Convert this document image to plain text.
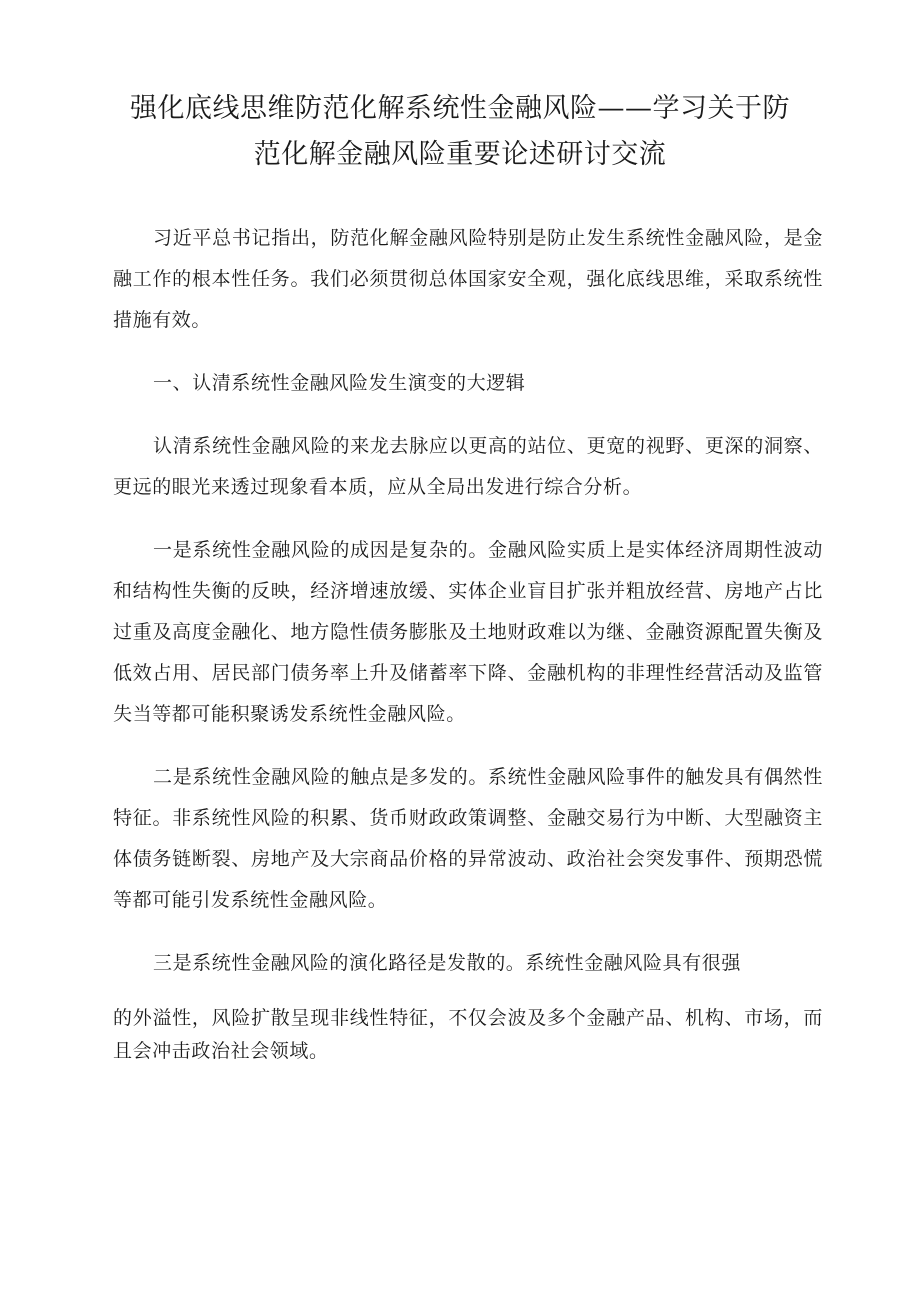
强化底线思维防范化解系统性金融风险——学习关于防
范化解金融风险重要论述研讨交流

习近平总书记指出，防范化解金融风险特别是防止发生系统性金融风险，是金融工作的根本性任务。我们必须贯彻总体国家安全观，强化底线思维，采取系统性措施有效。

一、认清系统性金融风险发生演变的大逻辑

认清系统性金融风险的来龙去脉应以更高的站位、更宽的视野、更深的洞察、更远的眼光来透过现象看本质，应从全局出发进行综合分析。

一是系统性金融风险的成因是复杂的。金融风险实质上是实体经济周期性波动和结构性失衡的反映，经济增速放缓、实体企业盲目扩张并粗放经营、房地产占比过重及高度金融化、地方隐性债务膨胀及土地财政难以为继、金融资源配置失衡及低效占用、居民部门债务率上升及储蓄率下降、金融机构的非理性经营活动及监管失当等都可能积聚诱发系统性金融风险。

二是系统性金融风险的触点是多发的。系统性金融风险事件的触发具有偶然性特征。非系统性风险的积累、货币财政政策调整、金融交易行为中断、大型融资主体债务链断裂、房地产及大宗商品价格的异常波动、政治社会突发事件、预期恐慌等都可能引发系统性金融风险。

三是系统性金融风险的演化路径是发散的。系统性金融风险具有很强

的外溢性，风险扩散呈现非线性特征，不仅会波及多个金融产品、机构、市场，而且会冲击政治社会领域。
